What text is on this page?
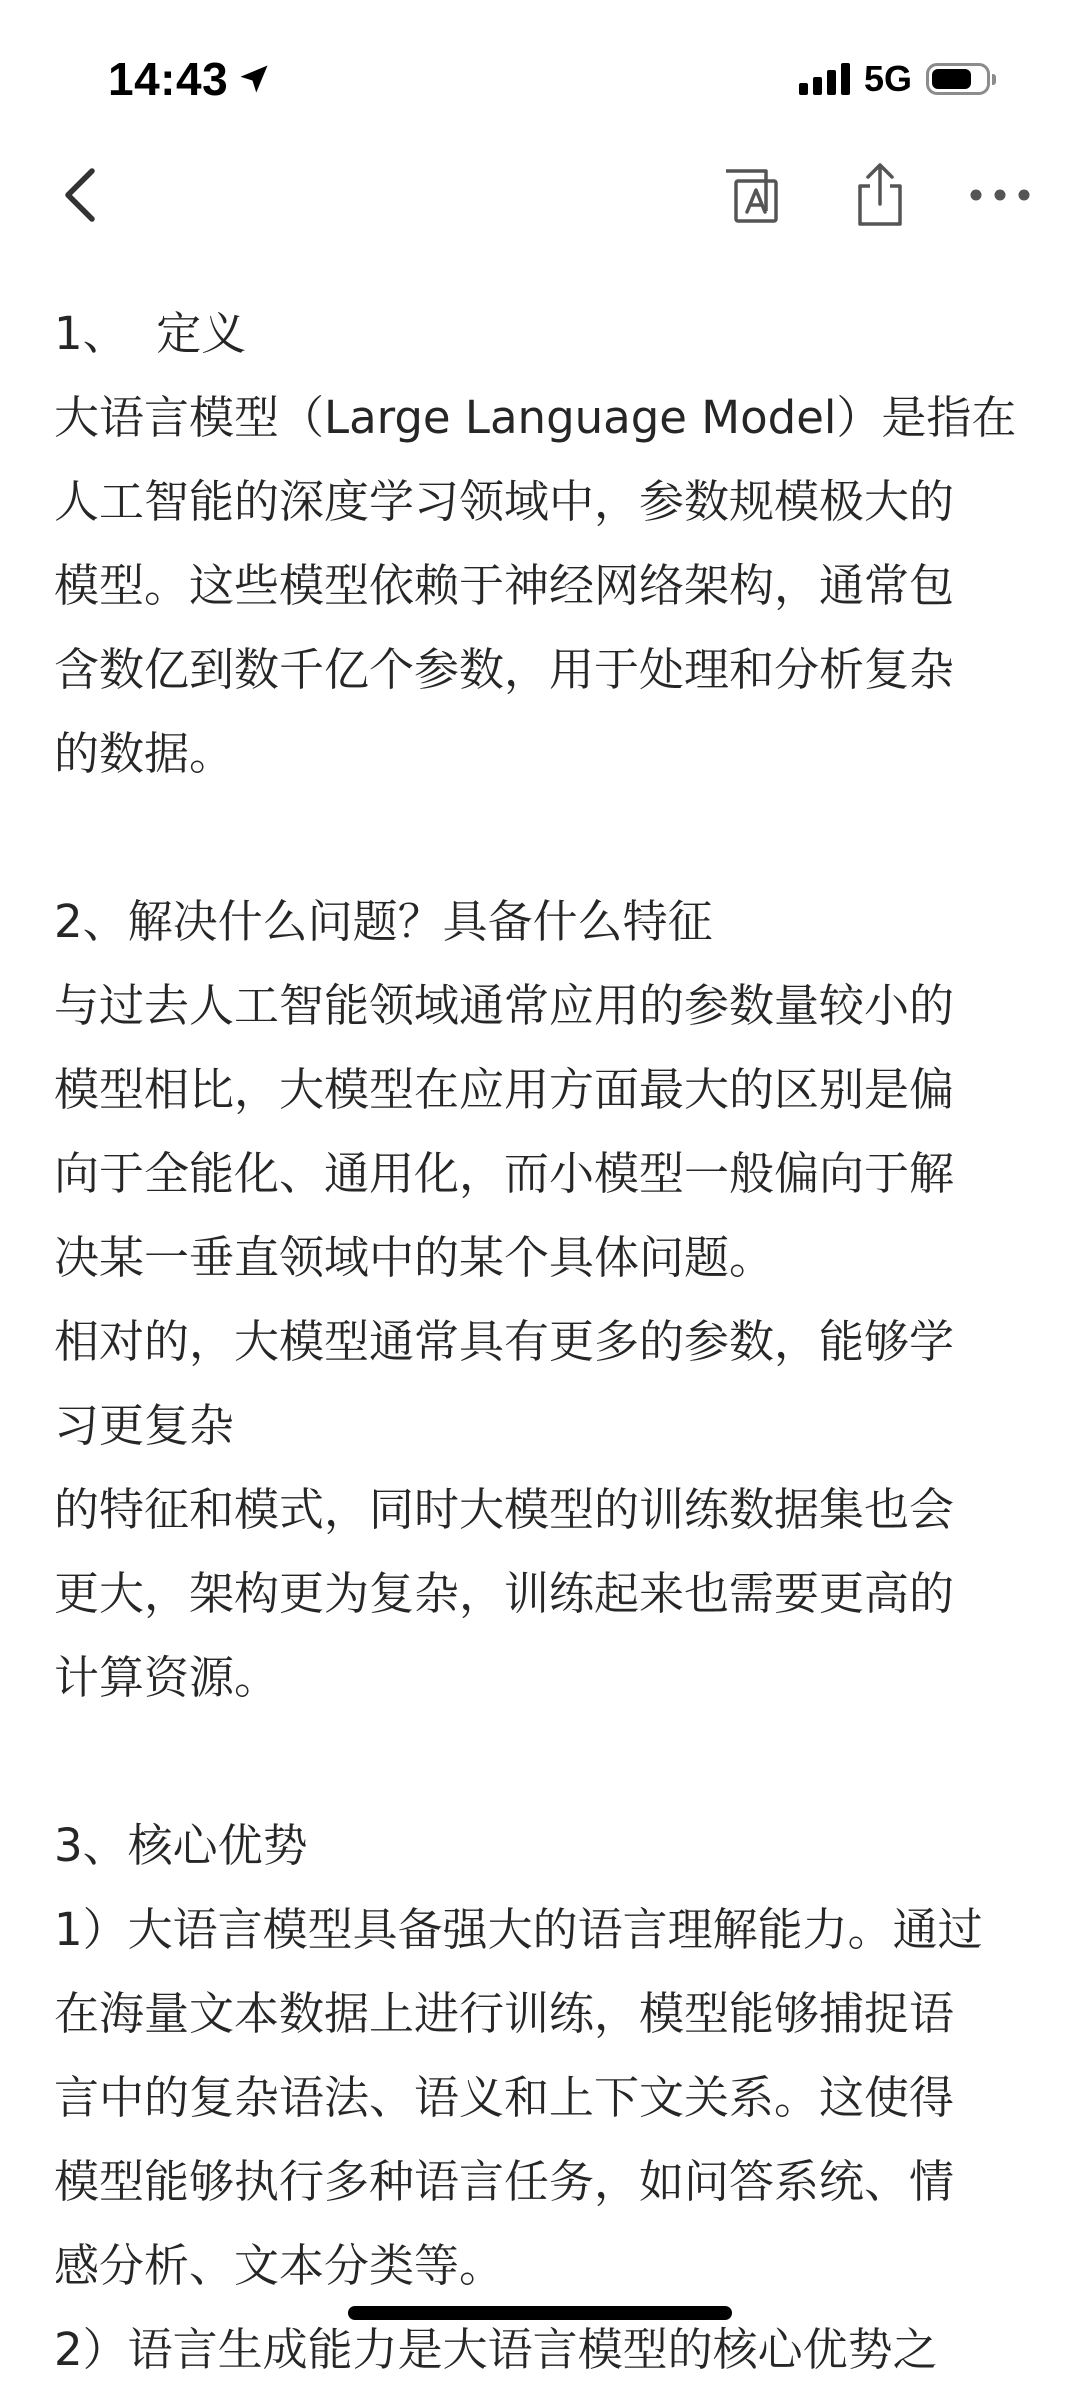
14:43	5G

1、  定义

大语言模型（Large Language Model）是指在

人工智能的深度学习领域中，参数规模极大的

模型。这些模型依赖于神经网络架构，通常包

含数亿到数千亿个参数，用于处理和分析复杂

的数据。

2、解决什么问题？具备什么特征

与过去人工智能领域通常应用的参数量较小的

模型相比，大模型在应用方面最大的区别是偏

向于全能化、通用化，而小模型一般偏向于解

决某一垂直领域中的某个具体问题。

相对的，大模型通常具有更多的参数，能够学

习更复杂

的特征和模式，同时大模型的训练数据集也会

更大，架构更为复杂，训练起来也需要更高的

计算资源。

3、核心优势

1）大语言模型具备强大的语言理解能力。通过

在海量文本数据上进行训练，模型能够捕捉语

言中的复杂语法、语义和上下文关系。这使得

模型能够执行多种语言任务，如问答系统、情

感分析、文本分类等。

2）语言生成能力是大语言模型的核心优势之
